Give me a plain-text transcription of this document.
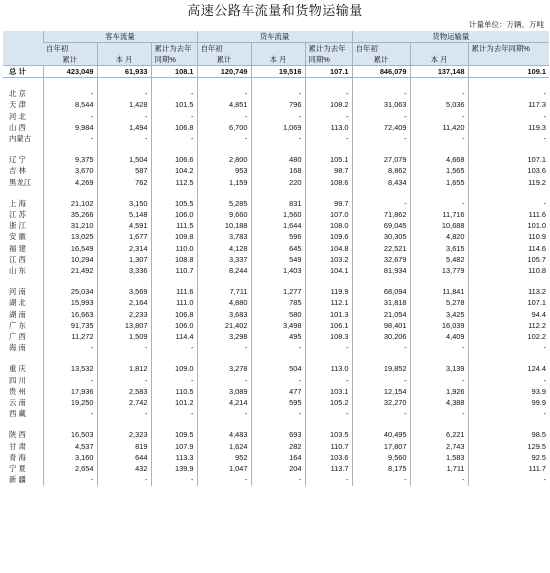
高速公路车流量和货物运输量
计量单位：万辆、万吨
	客车流量			货车流量			货物运输量		
	自年初		累计为去年同期%	自年初		累计为去年同期%	自年初		累计为去年同期%
	累计	本 月		累计	本 月		累计	本 月	
总 计	423,049	61,933	108.1	120,749	19,516	107.1	846,079	137,148	109.1

北 京	-	-	-	-	-	-	-	-	-
天 津	8,544	1,428	101.5	4,851	796	108.2	31,063	5,036	117.3
河 北	-	-	-	-	-	-	-	-	-
山 西	9,984	1,494	106.8	6,700	1,069	113.0	72,409	11,420	119.3
内蒙古	-	-	-	-	-	-	-	-	-

辽 宁	9,375	1,504	106.6	2,800	480	105.1	27,079	4,668	107.1
吉 林	3,670	587	104.2	953	168	98.7	8,862	1,565	103.6
黑龙江	4,269	762	112.5	1,159	220	108.6	8,434	1,655	119.2

上 海	21,102	3,150	105.5	5,285	831	99.7	-	-	-
江 苏	35,266	5,148	106.0	9,660	1,560	107.0	71,862	11,716	111.6
浙 江	31,210	4,591	111.5	10,188	1,644	108.0	69,045	10,688	101.0
安 徽	13,025	1,677	109.8	3,783	596	109.6	30,305	4,820	110.9
福 建	16,549	2,314	110.0	4,128	645	104.8	22,521	3,615	114.6
江 西	10,294	1,307	108.8	3,337	549	103.2	32,679	5,482	105.7
山 东	21,492	3,336	110.7	8,244	1,403	104.1	81,934	13,779	110.8

河 南	25,034	3,569	111.6	7,711	1,277	119.9	68,094	11,841	113.2
湖 北	15,993	2,164	111.0	4,880	785	112.1	31,818	5,278	107.1
湖 南	16,663	2,233	106.8	3,683	580	101.3	21,054	3,425	94.4
广 东	91,735	13,807	106.0	21,402	3,498	106.1	98,401	16,039	112.2
广 西	11,272	1,509	114.4	3,298	495	108.3	30,206	4,409	102.2
海 南	-	-	-	-	-	-	-	-	-

重 庆	13,532	1,812	109.0	3,278	504	113.0	19,852	3,139	124.4
四 川	-	-	-	-	-	-	-	-	-
贵 州	17,936	2,583	110.5	3,089	477	103.1	12,154	1,926	93.9
云 南	19,250	2,742	101.2	4,214	595	105.2	32,270	4,388	99.9
西 藏	-	-	-	-	-	-	-	-	-

陕 西	16,503	2,323	109.5	4,483	693	103.5	40,495	6,221	98.5
甘 肃	4,537	819	107.9	1,624	282	110.7	17,807	2,743	129.5
青 海	3,160	644	113.3	952	164	103.6	9,560	1,583	92.5
宁 夏	2,654	432	139.9	1,047	204	113.7	8,175	1,711	111.7
新 疆	-	-	-	-	-	-	-	-	-
